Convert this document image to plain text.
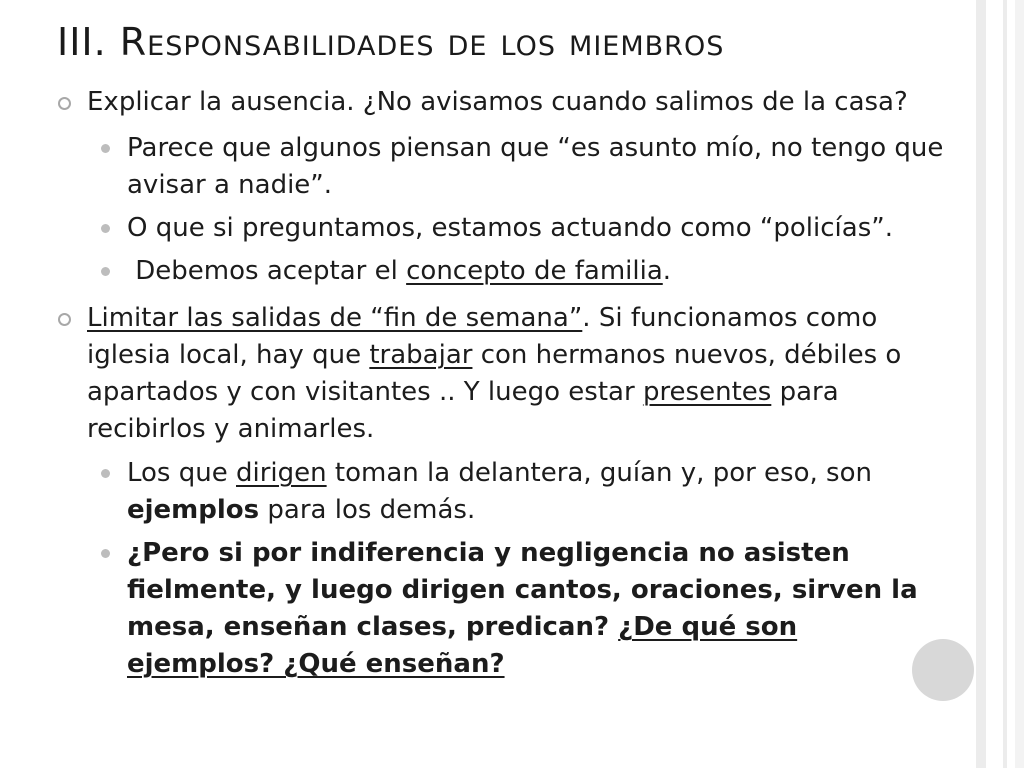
III. Responsabilidades de los miembros
Explicar la ausencia. ¿No avisamos cuando salimos de la casa?
Parece que algunos piensan que “es asunto mío, no tengo que avisar a nadie”.
O que si preguntamos, estamos actuando como “policías”.
Debemos aceptar el concepto de familia.
Limitar las salidas de “fin de semana”. Si funcionamos como iglesia local, hay que trabajar con hermanos nuevos, débiles o apartados y con visitantes .. Y luego estar presentes para recibirlos y animarles.
Los que dirigen toman la delantera, guían y, por eso, son ejemplos para los demás.
¿Pero si por indiferencia y negligencia no asisten fielmente, y luego dirigen cantos, oraciones, sirven la mesa, enseñan clases, predican? ¿De qué son ejemplos? ¿Qué enseñan?
